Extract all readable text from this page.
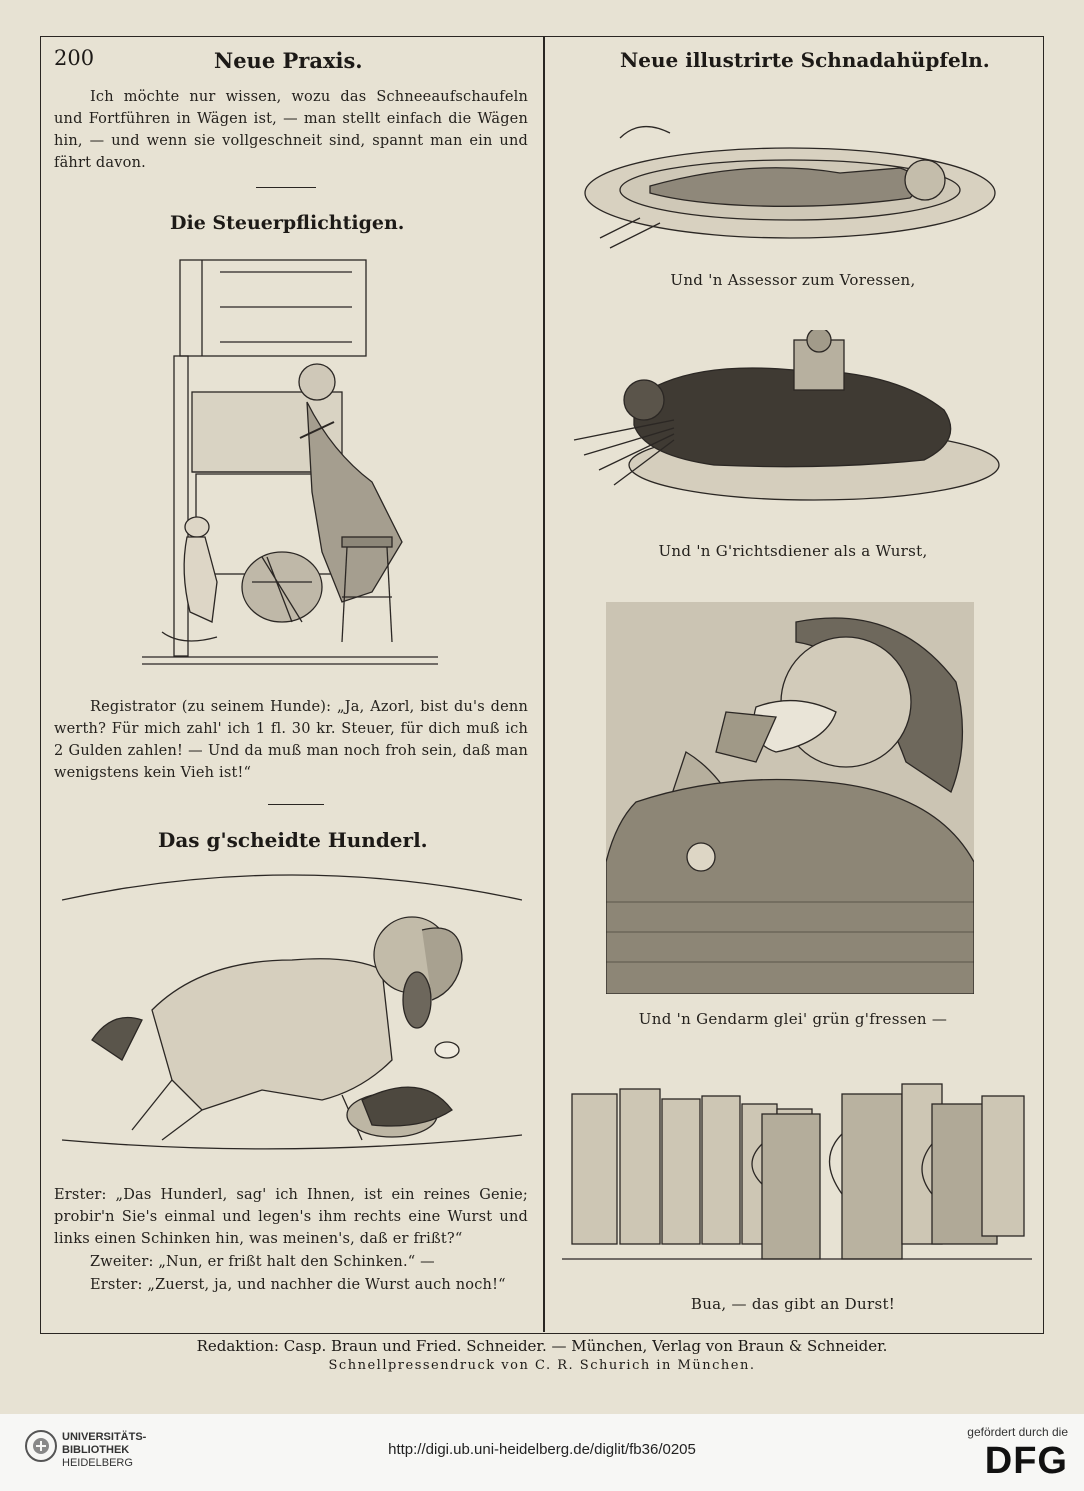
200	Neue Praxis.

Ich möchte nur wissen, wozu das Schneeaufschaufeln und Fortführen in Wägen ist, — man stellt einfach die Wägen hin, — und wenn sie vollgeschneit sind, spannt man ein und fährt davon.

Die Steuerpflichtigen.

Registrator (zu seinem Hunde): „Ja, Azorl, bist du's denn werth? Für mich zahl' ich 1 fl. 30 kr. Steuer, für dich muß ich 2 Gulden zahlen! — Und da muß man noch froh sein, daß man wenigstens kein Vieh ist!“

Das g'scheidte Hunderl.

Erster: „Das Hunderl, sag' ich Ihnen, ist ein reines Genie; probir'n Sie's einmal und legen's ihm rechts eine Wurst und links einen Schinken hin, was meinen's, daß er frißt?“

Zweiter: „Nun, er frißt halt den Schinken.“ —

Erster: „Zuerst, ja, und nachher die Wurst auch noch!“

Neue illustrirte Schnadahüpfeln.
Und 'n Assessor zum Voressen,
Und 'n G'richtsdiener als a Wurst,
Und 'n Gendarm glei' grün g'fressen —
Bua, — das gibt an Durst!
Redaktion: Casp. Braun und Fried. Schneider. — München, Verlag von Braun & Schneider.
Schnellpressendruck von C. R. Schurich in München.
UNIVERSITÄTS-
BIBLIOTHEK
HEIDELBERG
http://digi.ub.uni-heidelberg.de/diglit/fb36/0205
gefördert durch die
DFG
